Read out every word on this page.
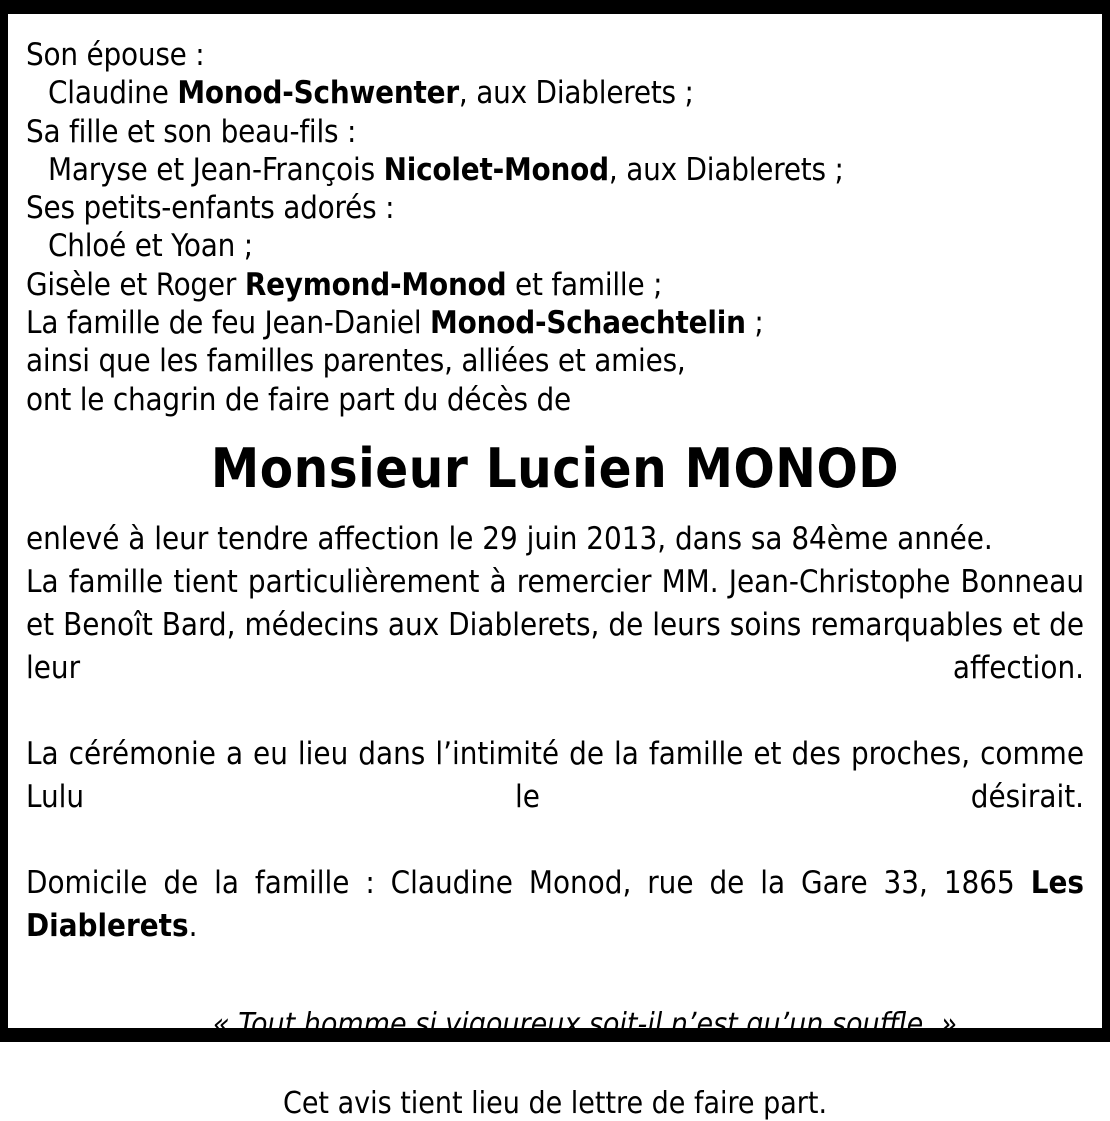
Son épouse :
Claudine Monod-Schwenter, aux Diablerets ;
Sa fille et son beau-fils :
Maryse et Jean-François Nicolet-Monod, aux Diablerets ;
Ses petits-enfants adorés :
Chloé et Yoan ;
Gisèle et Roger Reymond-Monod et famille ;
La famille de feu Jean-Daniel Monod-Schaechtelin ;
ainsi que les familles parentes, alliées et amies,
ont le chagrin de faire part du décès de
Monsieur Lucien MONOD

enlevé à leur tendre affection le 29 juin 2013, dans sa 84ème année.

La famille tient particulièrement à remercier MM. Jean-Christophe Bonneau et Benoît Bard, médecins aux Diablerets, de leurs soins remarquables et de leur affection.

La cérémonie a eu lieu dans l’intimité de la famille et des proches, comme Lulu le désirait.

Domicile de la famille : Claudine Monod, rue de la Gare 33, 1865 Les Diablerets.

« Tout homme si vigoureux soit-il n’est qu’un souffle. »
Cet avis tient lieu de lettre de faire part.
